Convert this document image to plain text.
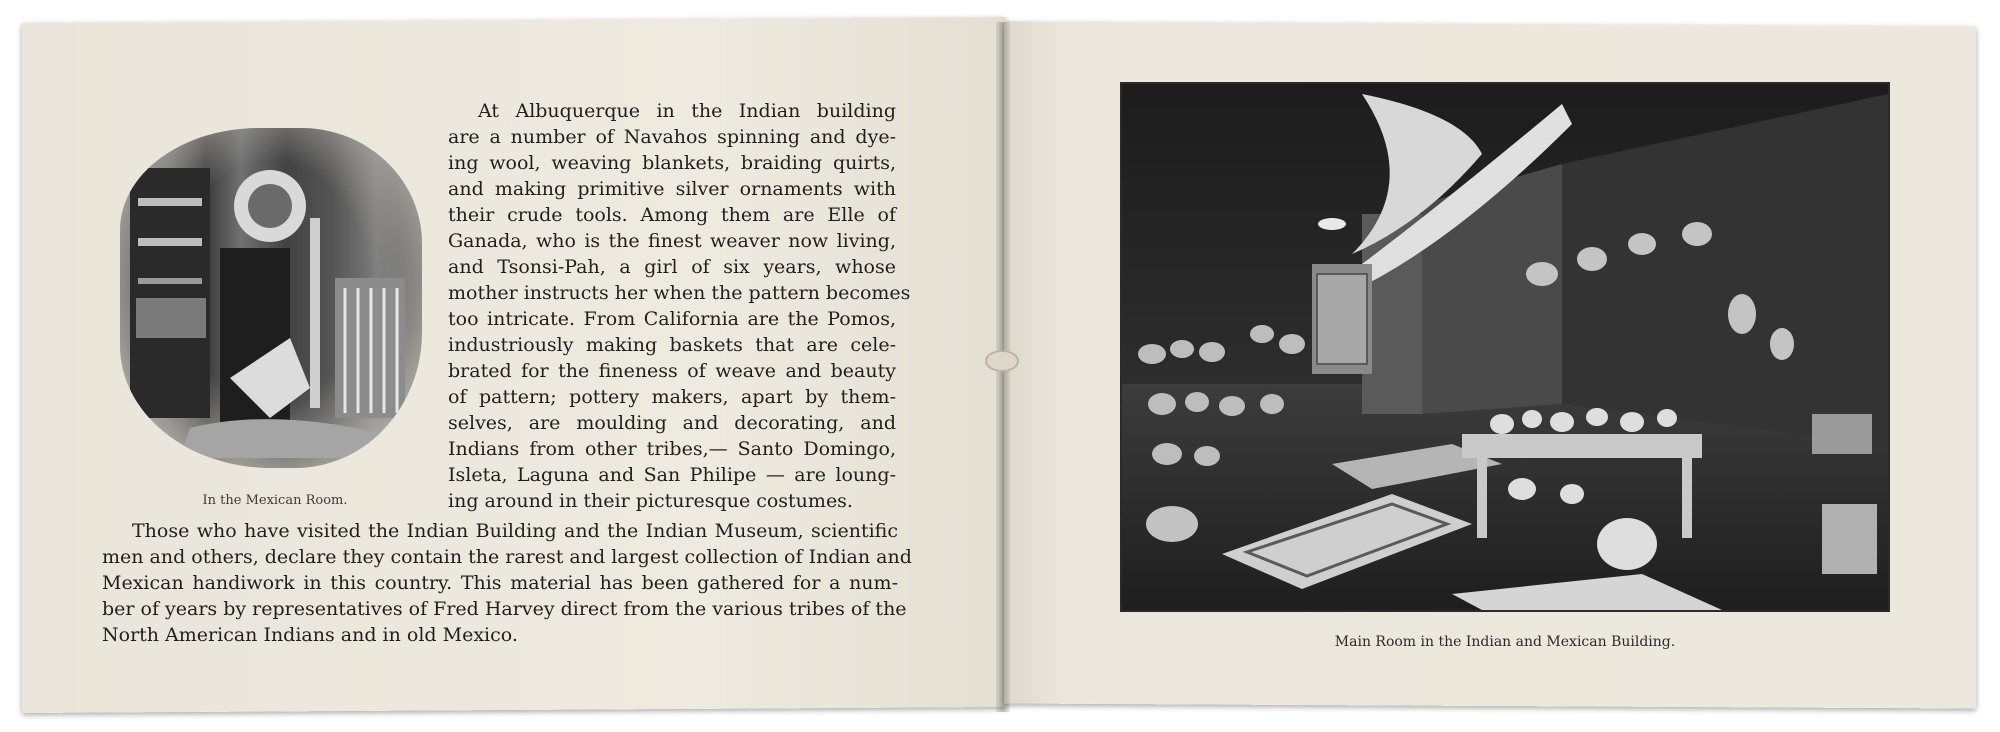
In the Mexican Room.
At Albuquerque in the Indian building
are a number of Navahos spinning and dye-
ing wool, weaving blankets, braiding quirts,
and making primitive silver ornaments with
their crude tools. Among them are Elle of
Ganada, who is the finest weaver now living,
and Tsonsi-Pah, a girl of six years, whose
mother instructs her when the pattern becomes
too intricate. From California are the Pomos,
industriously making baskets that are cele-
brated for the fineness of weave and beauty
of pattern; pottery makers, apart by them-
selves, are moulding and decorating, and
Indians from other tribes,— Santo Domingo,
Isleta, Laguna and San Philipe — are loung-
ing around in their picturesque costumes.
Those who have visited the Indian Building and the Indian Museum, scientific
men and others, declare they contain the rarest and largest collection of Indian and
Mexican handiwork in this country. This material has been gathered for a num-
ber of years by representatives of Fred Harvey direct from the various tribes of the
North American Indians and in old Mexico.	Main Room in the Indian and Mexican Building.
